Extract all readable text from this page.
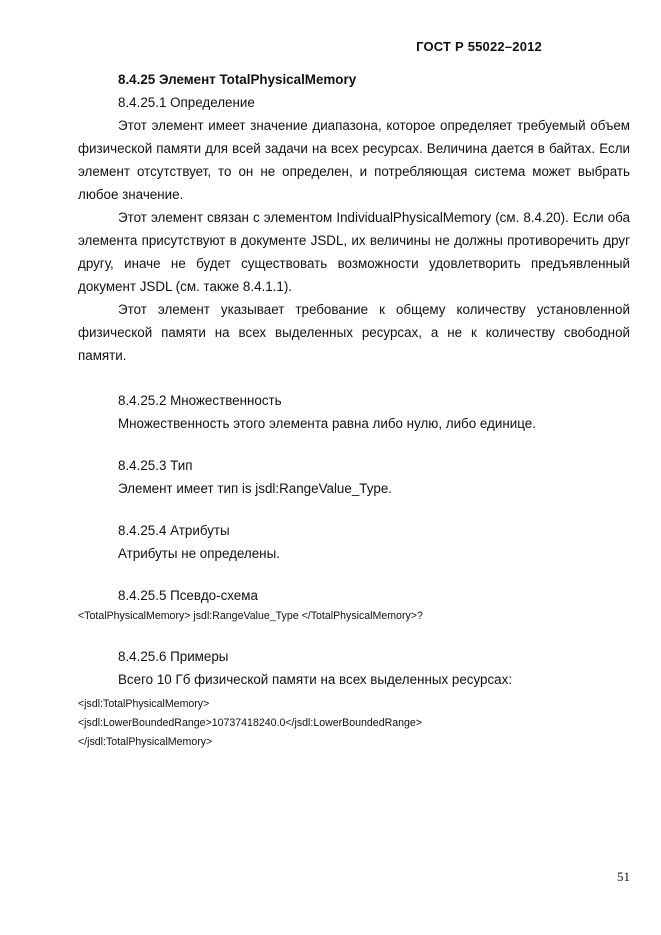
ГОСТ Р 55022–2012

8.4.25 Элемент TotalPhysicalMemory

8.4.25.1 Определение

Этот элемент имеет значение диапазона, которое определяет требуемый объем физической памяти для всей задачи на всех ресурсах. Величина дается в байтах. Если элемент отсутствует, то он не определен, и потребляющая система может выбрать любое значение.

Этот элемент связан с элементом IndividualPhysicalMemory (см. 8.4.20). Если оба элемента присутствуют в документе JSDL, их величины не должны противоречить друг другу, иначе не будет существовать возможности удовлетворить предъявленный документ JSDL (см. также 8.4.1.1).

Этот элемент указывает требование к общему количеству установленной физической памяти на всех выделенных ресурсах, а не к количеству свободной памяти.

8.4.25.2 Множественность

Множественность этого элемента равна либо нулю, либо единице.

8.4.25.3 Тип

Элемент имеет тип is jsdl:RangeValue_Type.

8.4.25.4 Атрибуты

Атрибуты не определены.

8.4.25.5 Псевдо-схема

<TotalPhysicalMemory> jsdl:RangeValue_Type </TotalPhysicalMemory>?

8.4.25.6 Примеры

Всего 10 Гб физической памяти на всех выделенных ресурсах:

<jsdl:TotalPhysicalMemory>

<jsdl:LowerBoundedRange>10737418240.0</jsdl:LowerBoundedRange>

</jsdl:TotalPhysicalMemory>

51
